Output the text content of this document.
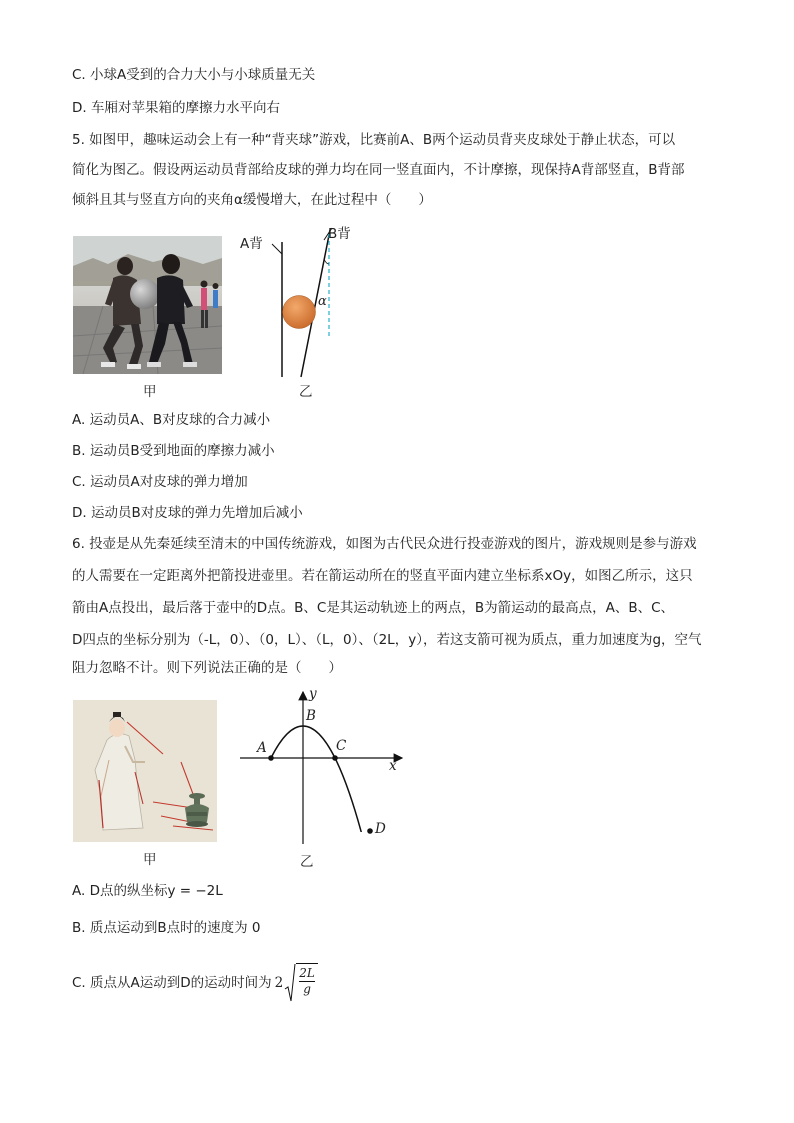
C. 小球A受到的合力大小与小球质量无关
D. 车厢对苹果箱的摩擦力水平向右
5. 如图甲，趣味运动会上有一种“背夹球”游戏，比赛前A、B两个运动员背夹皮球处于静止状态，可以
简化为图乙。假设两运动员背部给皮球的弹力均在同一竖直面内，不计摩擦，现保持A背部竖直，B背部
倾斜且其与竖直方向的夹角α缓慢增大，在此过程中（　　）
甲
A背
B背
α
乙
A. 运动员A、B对皮球的合力减小
B. 运动员B受到地面的摩擦力减小
C. 运动员A对皮球的弹力增加
D. 运动员B对皮球的弹力先增加后减小
6. 投壶是从先秦延续至清末的中国传统游戏，如图为古代民众进行投壶游戏的图片，游戏规则是参与游戏
的人需要在一定距离外把箭投进壶里。若在箭运动所在的竖直平面内建立坐标系xOy，如图乙所示，这只
箭由A点投出，最后落于壶中的D点。B、C是其运动轨迹上的两点，B为箭运动的最高点，A、B、C、
D四点的坐标分别为（-L，0）、（0，L）、（L，0）、（2L，y），若这支箭可视为质点，重力加速度为g，空气
阻力忽略不计。则下列说法正确的是（　　）
甲
x
y
B
A	C
D
乙
A. D点的纵坐标y = −2L
B. 质点运动到B点时的速度为 0
C. 质点从A运动到D的运动时间为 $2 \frac{2L}{g}$
